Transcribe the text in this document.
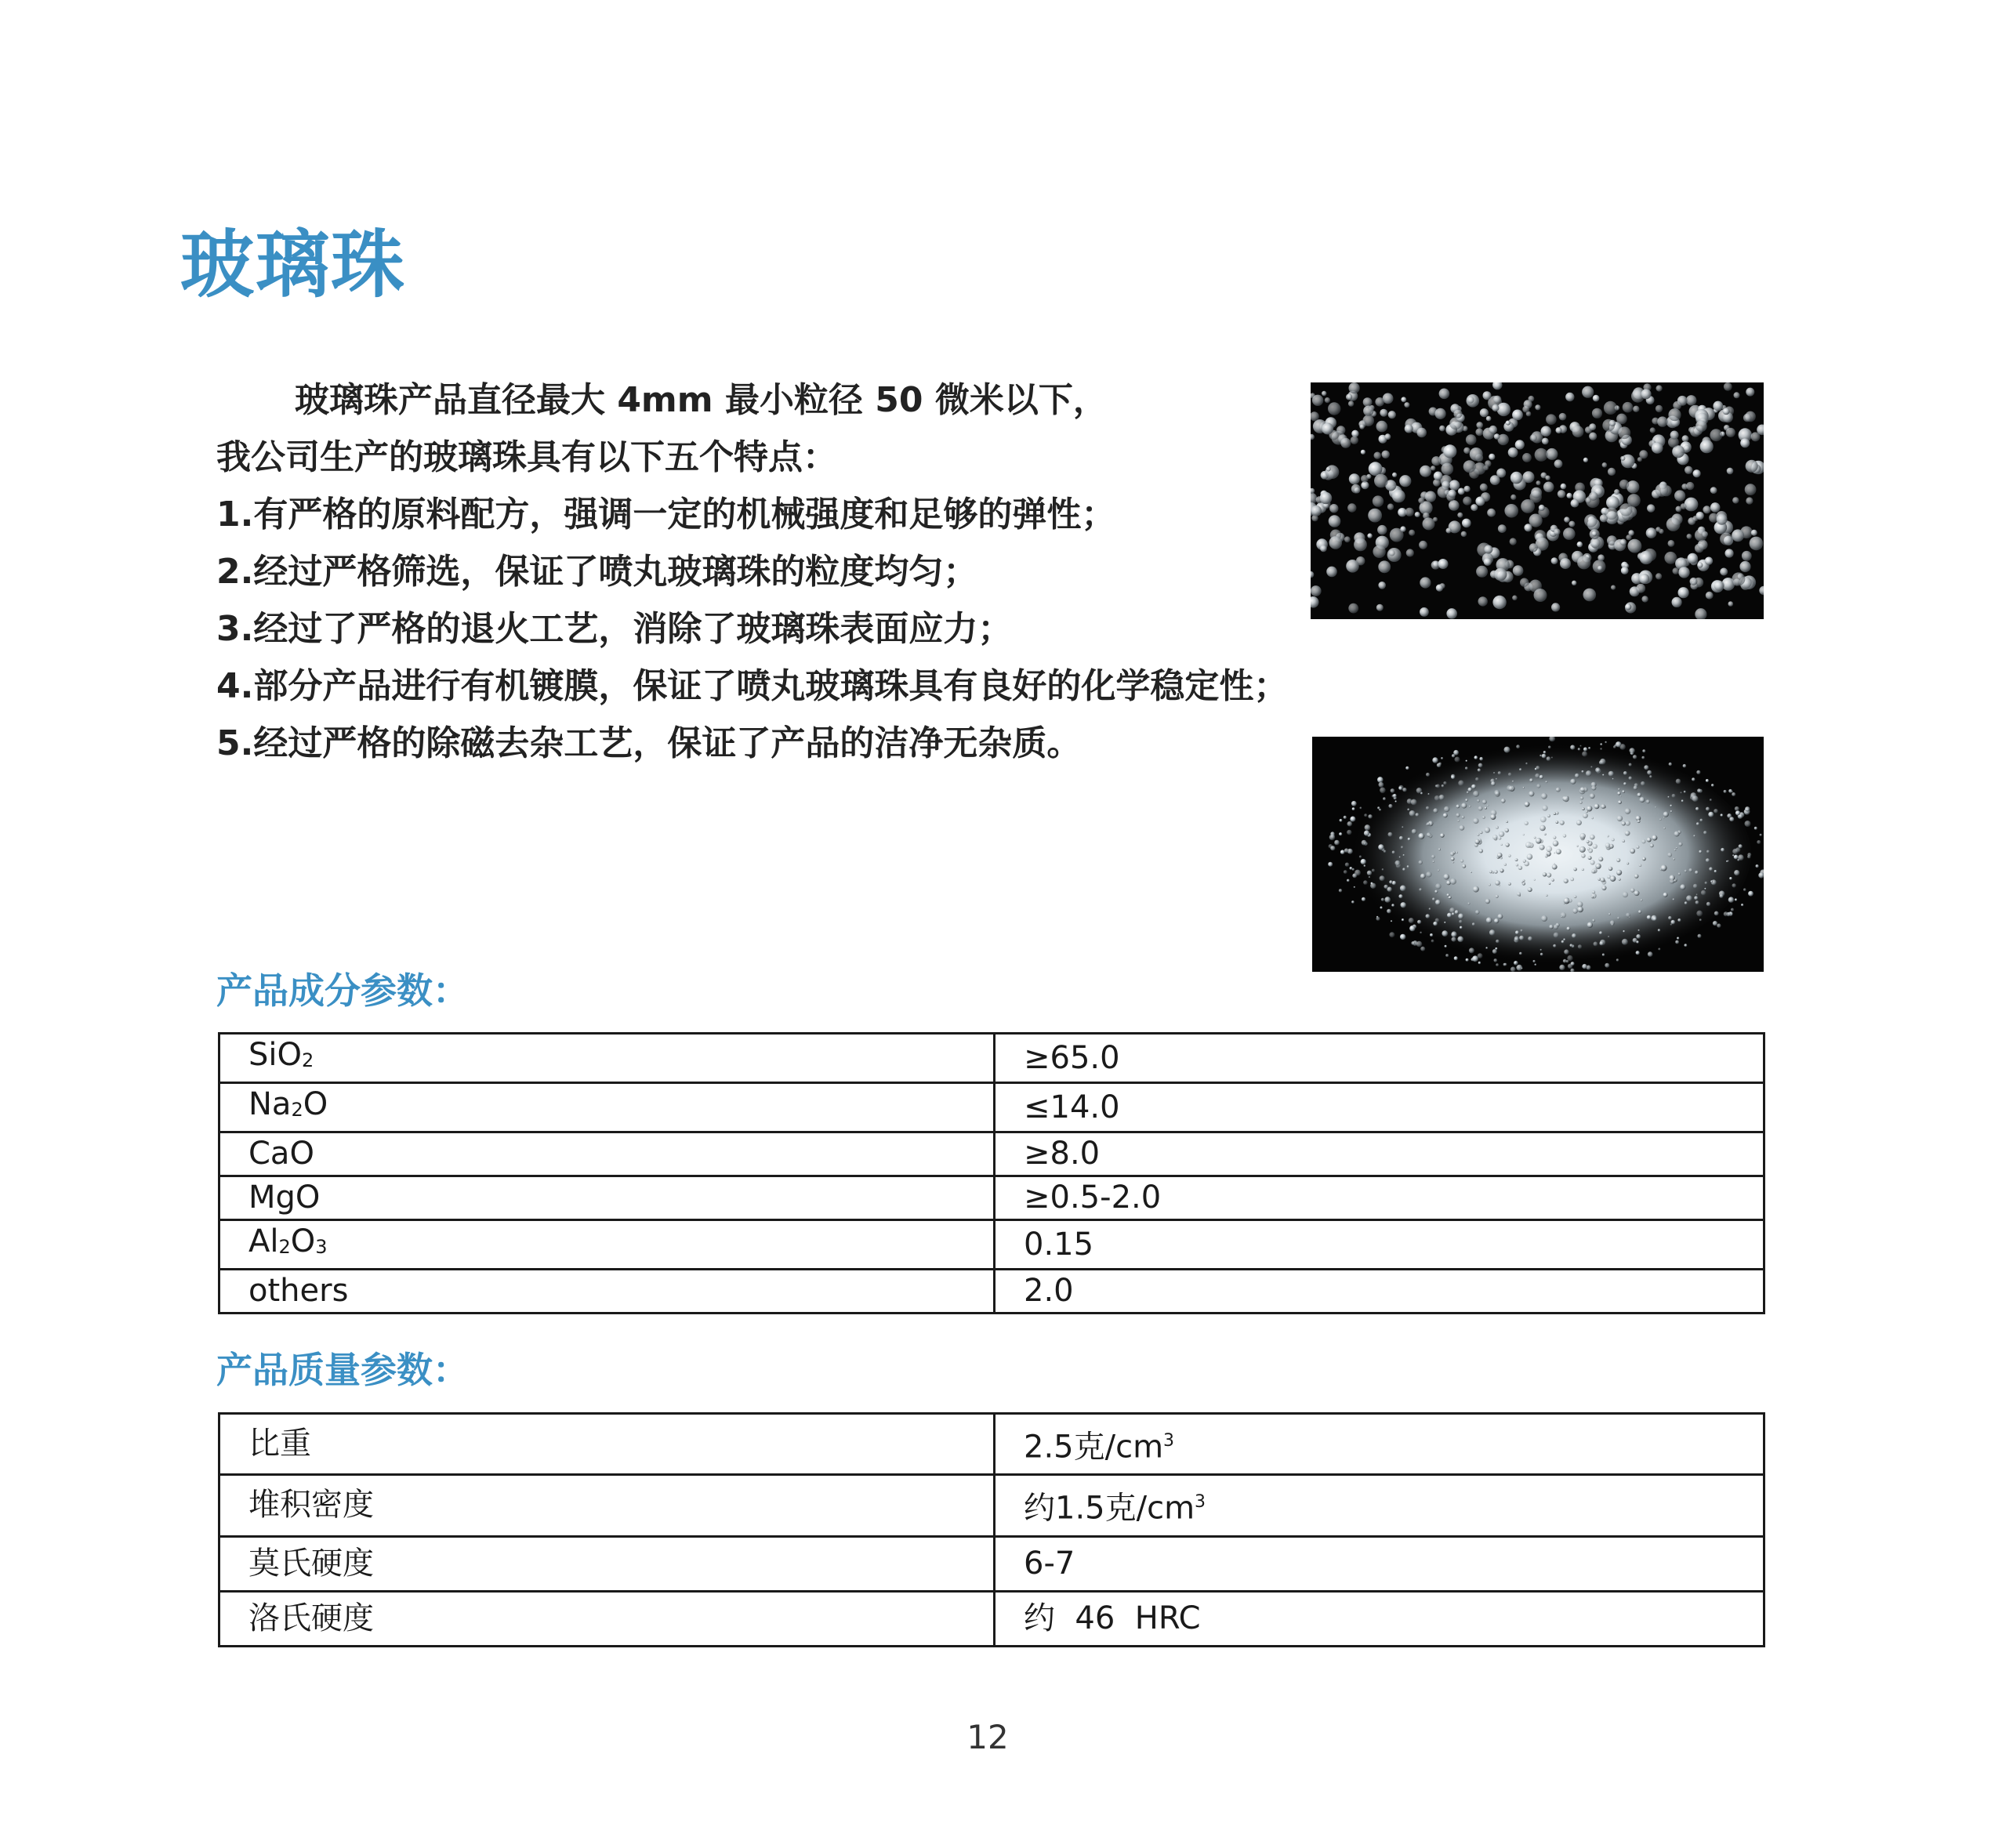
玻璃珠
玻璃珠产品直径最大 4mm 最小粒径 50 微米以下，
我公司生产的玻璃珠具有以下五个特点：
1.有严格的原料配方，强调一定的机械强度和足够的弹性；
2.经过严格筛选，保证了喷丸玻璃珠的粒度均匀；
3.经过了严格的退火工艺，消除了玻璃珠表面应力；
4.部分产品进行有机镀膜，保证了喷丸玻璃珠具有良好的化学稳定性；
5.经过严格的除磁去杂工艺，保证了产品的洁净无杂质。
产品成分参数：
SiO$_2$	≥65.0
$Na_2O$	≤14.0
CaO	≥8.0
MgO	≥0.5-2.0
$Al_2O_3$	0.15
others	2.0
产品质量参数：
比重	2.5克$/cm^3$
堆积密度	约1.5克$/cm^3$
莫氏硬度	6-7
洛氏硬度	约  46  HRC
12
